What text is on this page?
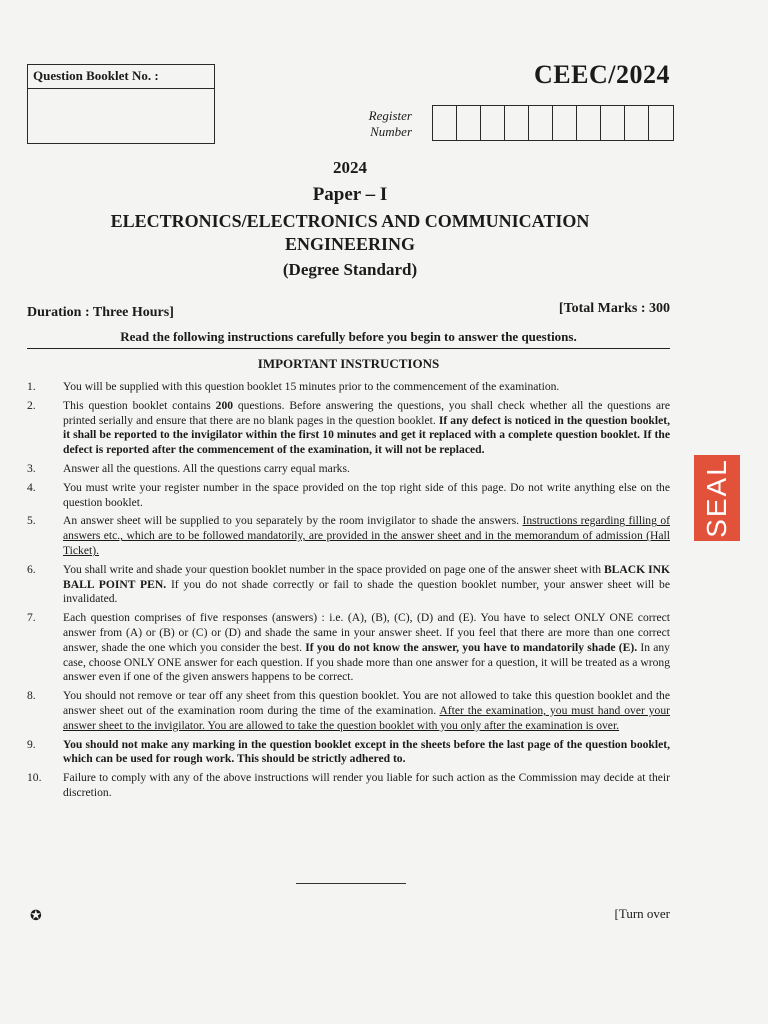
Question Booklet No. :	CEEC/2024
Register
Number
2024
Paper – I
ELECTRONICS/ELECTRONICS AND COMMUNICATION
ENGINEERING
(Degree Standard)
Duration : Three Hours]	[Total Marks : 300
Read the following instructions carefully before you begin to answer the questions.
IMPORTANT INSTRUCTIONS
1.	You will be supplied with this question booklet 15 minutes prior to the commencement of the examination.
2.	This question booklet contains 200 questions. Before answering the questions, you shall check whether all the questions are printed serially and ensure that there are no blank pages in the question booklet. If any defect is noticed in the question booklet, it shall be reported to the invigilator within the first 10 minutes and get it replaced with a complete question booklet. If the defect is reported after the commencement of the examination, it will not be replaced.
3.	Answer all the questions. All the questions carry equal marks.
4.	You must write your register number in the space provided on the top right side of this page. Do not write anything else on the question booklet.
5.	An answer sheet will be supplied to you separately by the room invigilator to shade the answers. Instructions regarding filling of answers etc., which are to be followed mandatorily, are provided in the answer sheet and in the memorandum of admission (Hall Ticket).
6.	You shall write and shade your question booklet number in the space provided on page one of the answer sheet with BLACK INK BALL POINT PEN. If you do not shade correctly or fail to shade the question booklet number, your answer sheet will be invalidated.
7.	Each question comprises of five responses (answers) : i.e. (A), (B), (C), (D) and (E). You have to select ONLY ONE correct answer from (A) or (B) or (C) or (D) and shade the same in your answer sheet. If you feel that there are more than one correct answer, shade the one which you consider the best. If you do not know the answer, you have to mandatorily shade (E). In any case, choose ONLY ONE answer for each question. If you shade more than one answer for a question, it will be treated as a wrong answer even if one of the given answers happens to be correct.
8.	You should not remove or tear off any sheet from this question booklet. You are not allowed to take this question booklet and the answer sheet out of the examination room during the time of the examination. After the examination, you must hand over your answer sheet to the invigilator. You are allowed to take the question booklet with you only after the examination is over.
9.	You should not make any marking in the question booklet except in the sheets before the last page of the question booklet, which can be used for rough work. This should be strictly adhered to.
10.	Failure to comply with any of the above instructions will render you liable for such action as the Commission may decide at their discretion.
✪	[Turn over
SEAL
